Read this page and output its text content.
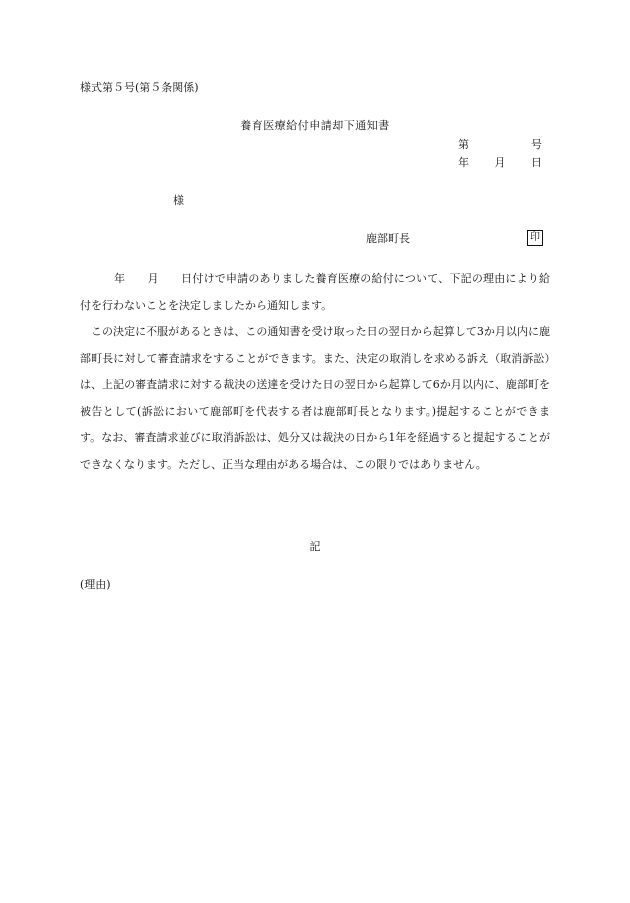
様式第５号(第５条関係)
養育医療給付申請却下通知書
第	号
年 月 日
様
鹿部町長	印

年　　月　　日付けで申請のありました養育医療の給付について、下記の理由により給付を行わないことを決定しましたから通知します。

この決定に不服があるときは、この通知書を受け取った日の翌日から起算して3か月以内に鹿部町長に対して審査請求をすることができます。また、決定の取消しを求める訴え（取消訴訟）は、上記の審査請求に対する裁決の送達を受けた日の翌日から起算して6か月以内に、鹿部町を被告として(訴訟において鹿部町を代表する者は鹿部町長となります。)提起することができます。なお、審査請求並びに取消訴訟は、処分又は裁決の日から1年を経過すると提起することができなくなります。ただし、正当な理由がある場合は、この限りではありません。

記
(理由)
